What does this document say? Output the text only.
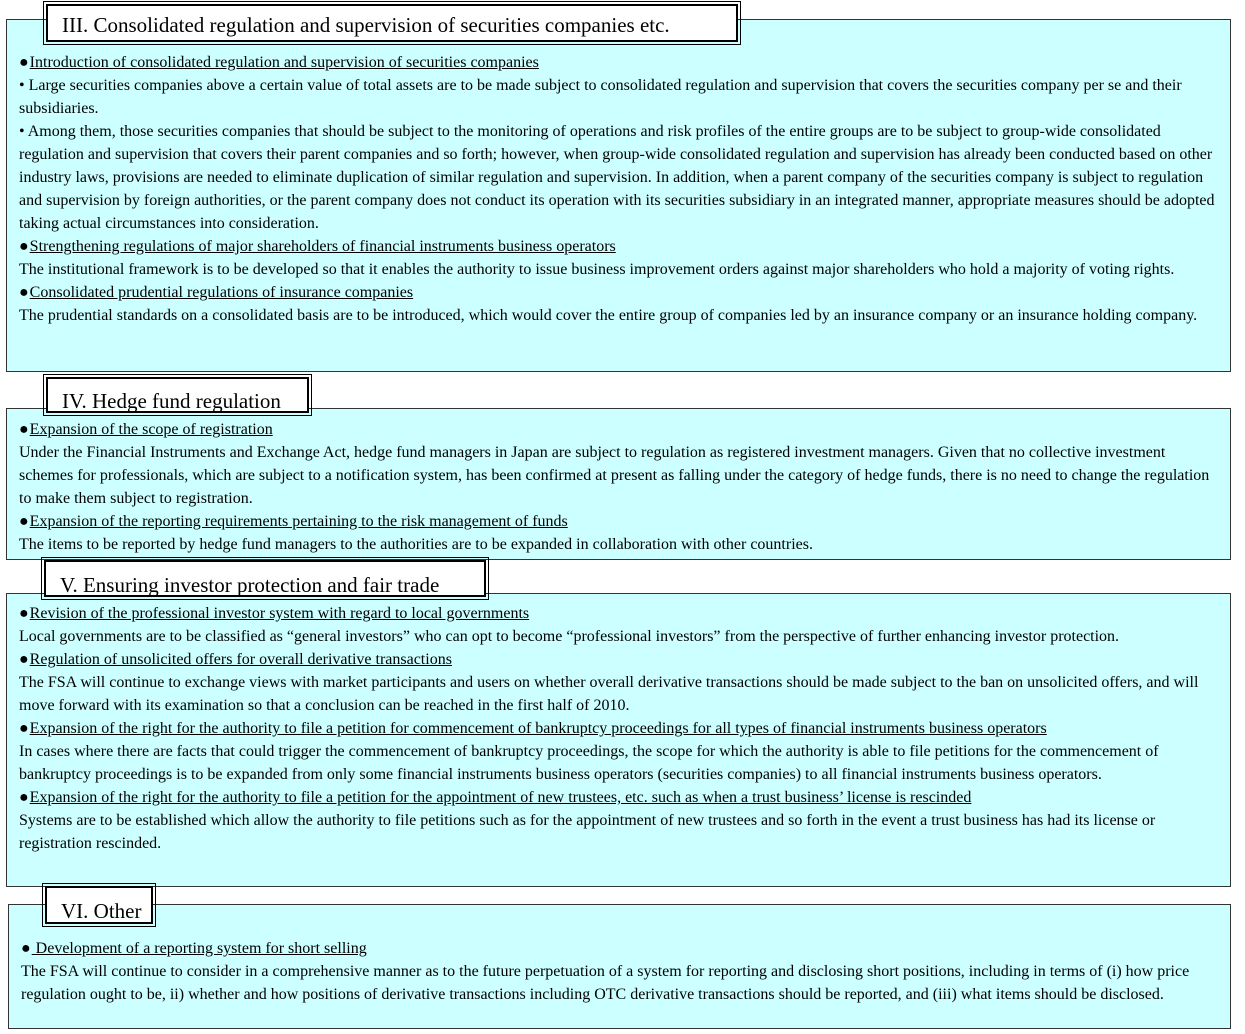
●Introduction of consolidated regulation and supervision of securities companies
• Large securities companies above a certain value of total assets are to be made subject to consolidated regulation and supervision that covers the securities company per se and their subsidiaries.
• Among them, those securities companies that should be subject to the monitoring of operations and risk profiles of the entire groups are to be subject to group-wide consolidated regulation and supervision that covers their parent companies and so forth; however, when group-wide consolidated regulation and supervision has already been conducted based on other industry laws, provisions are needed to eliminate duplication of similar regulation and supervision. In addition, when a parent company of the securities company is subject to regulation and supervision by foreign authorities, or the parent company does not conduct its operation with its securities subsidiary in an integrated manner, appropriate measures should be adopted taking actual circumstances into consideration.
●Strengthening regulations of major shareholders of financial instruments business operators
The institutional framework is to be developed so that it enables the authority to issue business improvement orders against major shareholders who hold a majority of voting rights.
●Consolidated prudential regulations of insurance companies
The prudential standards on a consolidated basis are to be introduced, which would cover the entire group of companies led by an insurance company or an insurance holding company.
III. Consolidated regulation and supervision of securities companies etc.
●Expansion of the scope of registration
Under the Financial Instruments and Exchange Act, hedge fund managers in Japan are subject to regulation as registered investment managers. Given that no collective investment schemes for professionals, which are subject to a notification system, has been confirmed at present as falling under the category of hedge funds, there is no need to change the regulation to make them subject to registration.
●Expansion of the reporting requirements pertaining to the risk management of funds
The items to be reported by hedge fund managers to the authorities are to be expanded in collaboration with other countries.
IV. Hedge fund regulation
●Revision of the professional investor system with regard to local governments
Local governments are to be classified as “general investors” who can opt to become “professional investors” from the perspective of further enhancing investor protection.
●Regulation of unsolicited offers for overall derivative transactions
The FSA will continue to exchange views with market participants and users on whether overall derivative transactions should be made subject to the ban on unsolicited offers, and will move forward with its examination so that a conclusion can be reached in the first half of 2010.
●Expansion of the right for the authority to file a petition for commencement of bankruptcy proceedings for all types of financial instruments business operators
In cases where there are facts that could trigger the commencement of bankruptcy proceedings, the scope for which the authority is able to file petitions for the commencement of bankruptcy proceedings is to be expanded from only some financial instruments business operators (securities companies) to all financial instruments business operators.
●Expansion of the right for the authority to file a petition for the appointment of new trustees, etc. such as when a trust business’ license is rescinded
Systems are to be established which allow the authority to file petitions such as for the appointment of new trustees and so forth in the event a trust business has had its license or registration rescinded.
V. Ensuring investor protection and fair trade
● Development of a reporting system for short selling
The FSA will continue to consider in a comprehensive manner as to the future perpetuation of a system for reporting and disclosing short positions, including in terms of (i) how price regulation ought to be, ii) whether and how positions of derivative transactions including OTC derivative transactions should be reported, and (iii) what items should be disclosed.
VI. Other
